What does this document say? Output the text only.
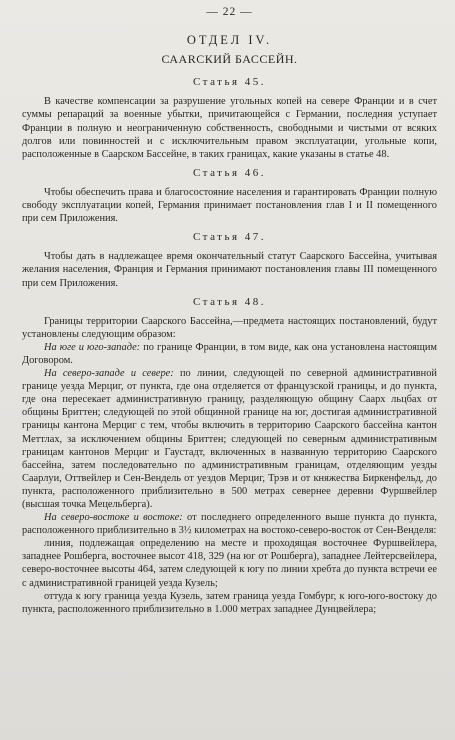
— 22 —
ОТДЕЛ IV.
САARСКИЙ БАССЕЙН.
Статья 45.

В качестве компенсации за разрушение угольных копей на севере Франции и в счет суммы репараций за военные убытки, причитающейся с Германии, последняя уступает Франции в полную и неограниченную собственность, свободными и чистыми от всяких долгов или повинностей и с исключительным правом эксплуатации, угольные копи, расположенные в Саарском Бассейне, в таких границах, какие указаны в статье 48.

Статья 46.

Чтобы обеспечить права и благосостояние населения и гарантировать Франции полную свободу эксплуатации копей, Германия принимает постановления глав I и II помещенного при сем Приложения.

Статья 47.

Чтобы дать в надлежащее время окончательный статут Саарского Бассейна, учитывая желания населения, Франция и Германия принимают постановления главы III помещенного при сем Приложения.

Статья 48.

Границы территории Саарского Бассейна,—предмета настоящих постановлений, будут установлены следующим образом:

На юге и юго-западе: по границе Франции, в том виде, как она установлена настоящим Договором.

На северо-западе и севере: по линии, следующей по северной административной границе уезда Мерциг, от пункта, где она отделяется от французской границы, и до пункта, где она пересекает административную границу, разделяющую общину Саарх льцбах от общины Бриттен; следующей по этой общинной границе на юг, достигая административной границы кантона Мерциг с тем, чтобы включить в территорию Саарского бассейна кантон Меттлах, за исключением общины Бриттен; следующей по северным административным границам кантонов Мерциг и Гаустадт, включенных в названную территорию Саарского бассейна, затем последовательно по административным границам, отделяющим уезды Саарлуи, Оттвейлер и Сен-Вендель от уездов Мерциг, Трэв и от княжества Биркенфельд, до пункта, расположенного приблизительно в 500 метрах севернее деревни Фуршвейлер (высшая точка Мецельберга).

На северо-востоке и востоке: от последнего определенного выше пункта до пункта, расположенного приблизительно в 3½ километрах на востоко-северо-восток от Сен-Венделя:

линия, подлежащая определению на месте и проходящая восточнее Фуршвейлера, западнее Рошберга, восточнее высот 418, 329 (на юг от Рошберга), западнее Лейтерсвейлера, северо-восточнее высоты 464, затем следующей к югу по линии хребта до пункта встречи ее с административной границей уезда Кузель;

оттуда к югу граница уезда Кузель, затем граница уезда Гомбург, к юго-юго-востоку до пункта, расположенного приблизительно в 1.000 метрах западнее Дунцвейлера;
